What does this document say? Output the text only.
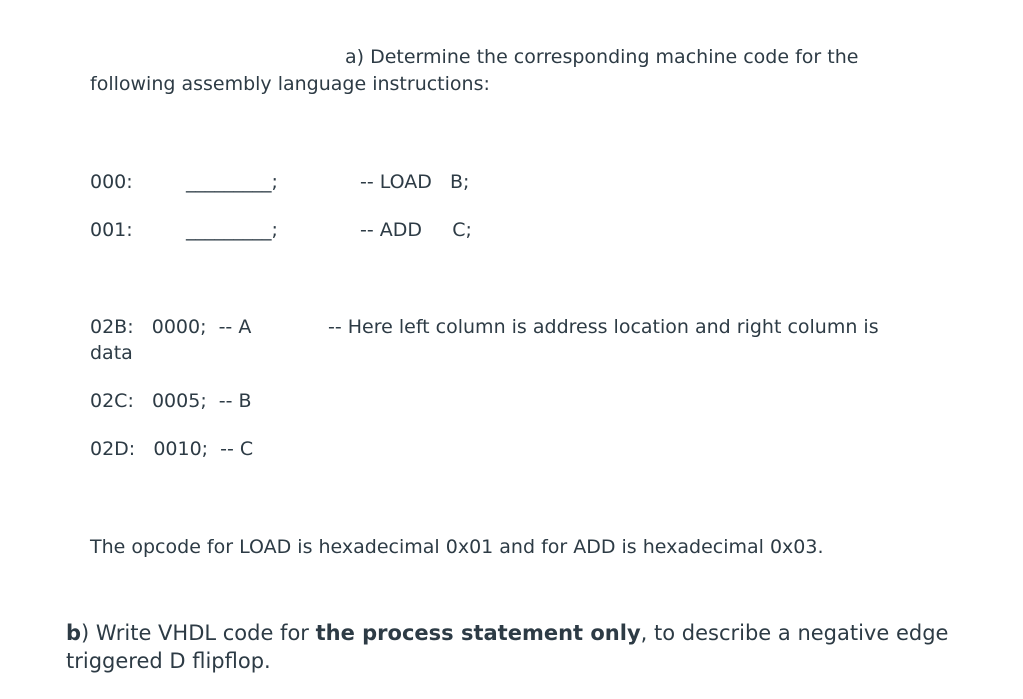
a) Determine the corresponding machine code for the
following assembly language instructions:
000:	_________;	-- LOAD   B;
001:	_________;	-- ADD     C;
02B:   0000;  -- A	-- Here left column is address location and right column is
data
02C:   0005;  -- B
02D:   0010;  -- C
The opcode for LOAD is hexadecimal 0x01 and for ADD is hexadecimal 0x03.
b) Write VHDL code for the process statement only, to describe a negative edge
triggered D flipflop.
